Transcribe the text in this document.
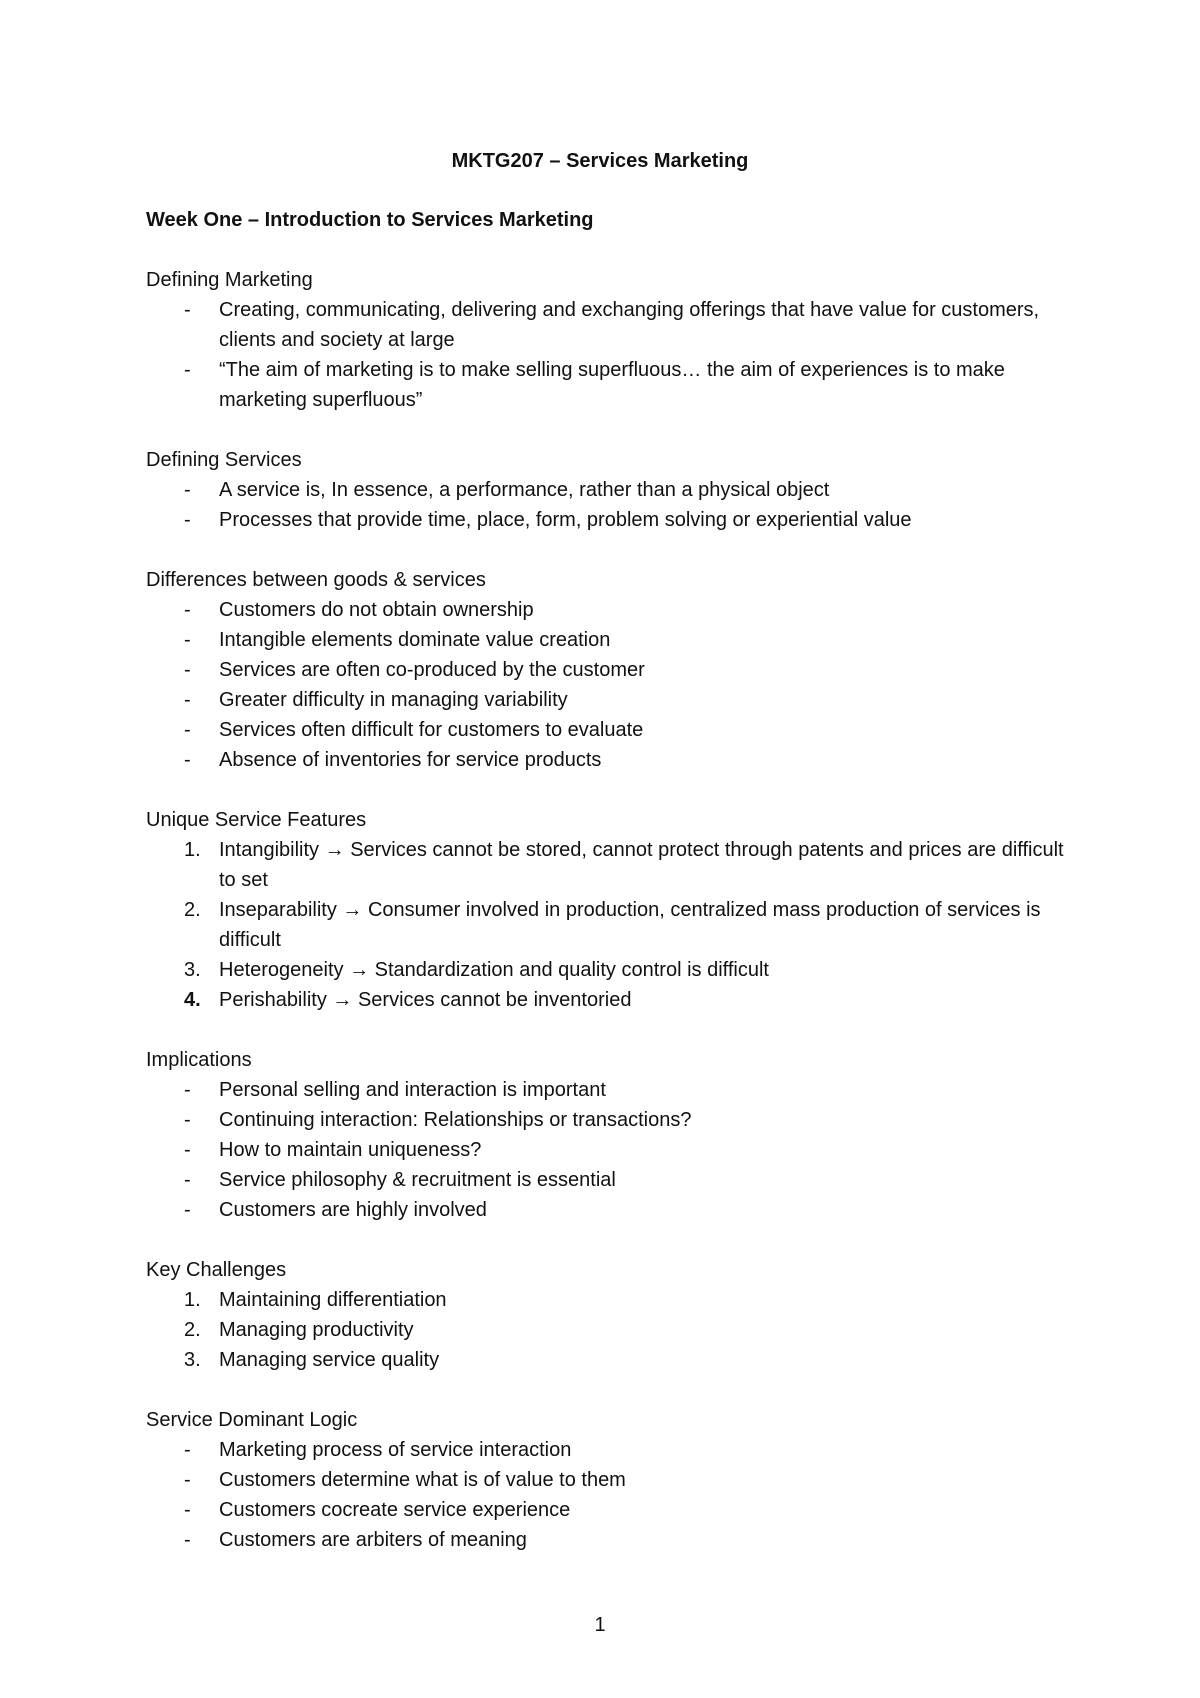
MKTG207 – Services Marketing

Week One – Introduction to Services Marketing

Defining Marketing

-	Creating, communicating, delivering and exchanging offerings that have value for customers, clients and society at large
-	“The aim of marketing is to make selling superfluous… the aim of experiences is to make marketing superfluous”

Defining Services

-	A service is, In essence, a performance, rather than a physical object
-	Processes that provide time, place, form, problem solving or experiential value

Differences between goods & services

-	Customers do not obtain ownership
-	Intangible elements dominate value creation
-	Services are often co-produced by the customer
-	Greater difficulty in managing variability
-	Services often difficult for customers to evaluate
-	Absence of inventories for service products

Unique Service Features

1. Intangibility → Services cannot be stored, cannot protect through patents and prices are difficult to set
2. Inseparability → Consumer involved in production, centralized mass production of services is difficult
3. Heterogeneity → Standardization and quality control is difficult
4. Perishability → Services cannot be inventoried

Implications

-	Personal selling and interaction is important
-	Continuing interaction: Relationships or transactions?
-	How to maintain uniqueness?
-	Service philosophy & recruitment is essential
-	Customers are highly involved

Key Challenges

1. Maintaining differentiation
2. Managing productivity
3. Managing service quality

Service Dominant Logic

-	Marketing process of service interaction
-	Customers determine what is of value to them
-	Customers cocreate service experience
-	Customers are arbiters of meaning
1
